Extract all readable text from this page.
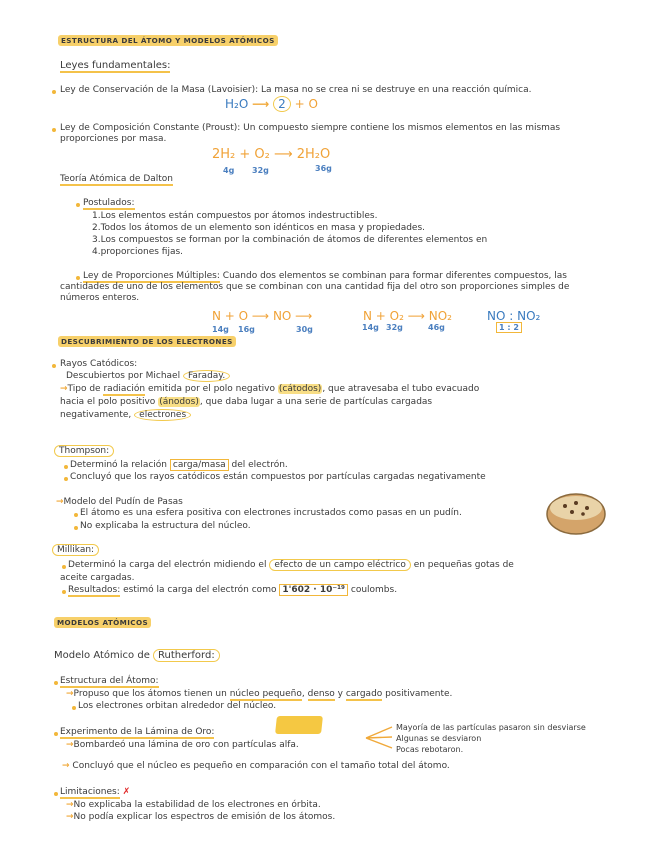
ESTRUCTURA DEL ÁTOMO Y MODELOS ATÓMICOS
Leyes fundamentales:
Ley de Conservación de la Masa (Lavoisier): La masa no se crea ni se destruye en una reacción química.
H₂O ⟶ 2 + O
Ley de Composición Constante (Proust): Un compuesto siempre contiene los mismos elementos en las mismas proporciones por masa.
2H₂ + O₂ ⟶ 2H₂O
4g 32g	36g
Teoría Atómica de Dalton
Postulados:
1.Los elementos están compuestos por átomos indestructibles.
2.Todos los átomos de un elemento son idénticos en masa y propiedades.
3.Los compuestos se forman por la combinación de átomos de diferentes elementos en
4.proporciones fijas.
Ley de Proporciones Múltiples: Cuando dos elementos se combinan para formar diferentes compuestos, las cantidades de uno de los elementos que se combinan con una cantidad fija del otro son proporciones simples de números enteros.
N + O ⟶ NO ⟶	N + O₂ ⟶ NO₂	NO : NO₂
14g 16g	30g	14g 32g	46g	1 : 2
DESCUBRIMIENTO DE LOS ELECTRONES
Rayos Catódicos:
Descubiertos por Michael Faraday.
→Tipo de radiación emitida por el polo negativo (cátodos), que atravesaba el tubo evacuado
hacia el polo positivo (ánodos), que daba lugar a una serie de partículas cargadas
negativamente, electrones
Thompson:
Determinó la relación carga/masa del electrón.
Concluyó que los rayos catódicos están compuestos por partículas cargadas negativamente
→Modelo del Pudín de Pasas
El átomo es una esfera positiva con electrones incrustados como pasas en un pudín.
No explicaba la estructura del núcleo.
Millikan:
Determinó la carga del electrón midiendo el efecto de un campo eléctrico en pequeñas gotas de
aceite cargadas.
Resultados: estimó la carga del electrón como 1'602 · 10⁻¹⁹ coulombs.
MODELOS ATÓMICOS
Modelo Atómico de Rutherford:
Estructura del Átomo:
→Propuso que los átomos tienen un núcleo pequeño, denso y cargado positivamente.
Los electrones orbitan alrededor del núcleo.
Experimento de la Lámina de Oro:
→Bombardeó una lámina de oro con partículas alfa.
Mayoría de las partículas pasaron sin desviarse
Algunas se desviaron
Pocas rebotaron.
→ Concluyó que el núcleo es pequeño en comparación con el tamaño total del átomo.
Limitaciones: ✗
→No explicaba la estabilidad de los electrones en órbita.
→No podía explicar los espectros de emisión de los átomos.
